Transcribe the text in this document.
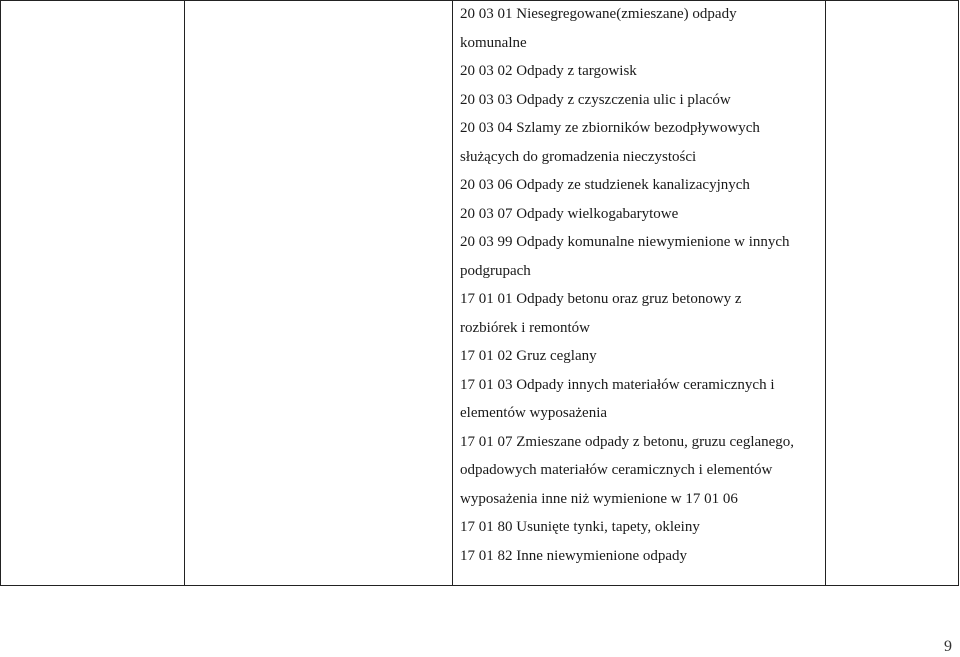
20 03 01 Niesegregowane(zmieszane) odpady komunalne
20 03 02 Odpady z targowisk
20 03 03 Odpady z czyszczenia ulic i placów
20 03 04 Szlamy ze zbiorników bezodpływowych służących do gromadzenia nieczystości
20 03 06 Odpady ze studzienek kanalizacyjnych
20 03 07 Odpady wielkogabarytowe
20 03 99 Odpady komunalne niewymienione w innych podgrupach
17 01 01 Odpady betonu oraz gruz betonowy z rozbiórek i remontów
17 01 02 Gruz ceglany
17 01 03 Odpady innych materiałów ceramicznych i elementów wyposażenia
17 01 07 Zmieszane odpady z betonu, gruzu ceglanego, odpadowych materiałów ceramicznych i elementów wyposażenia inne niż wymienione w 17 01 06
17 01 80 Usunięte tynki, tapety, okleiny
17 01 82 Inne niewymienione odpady
9
